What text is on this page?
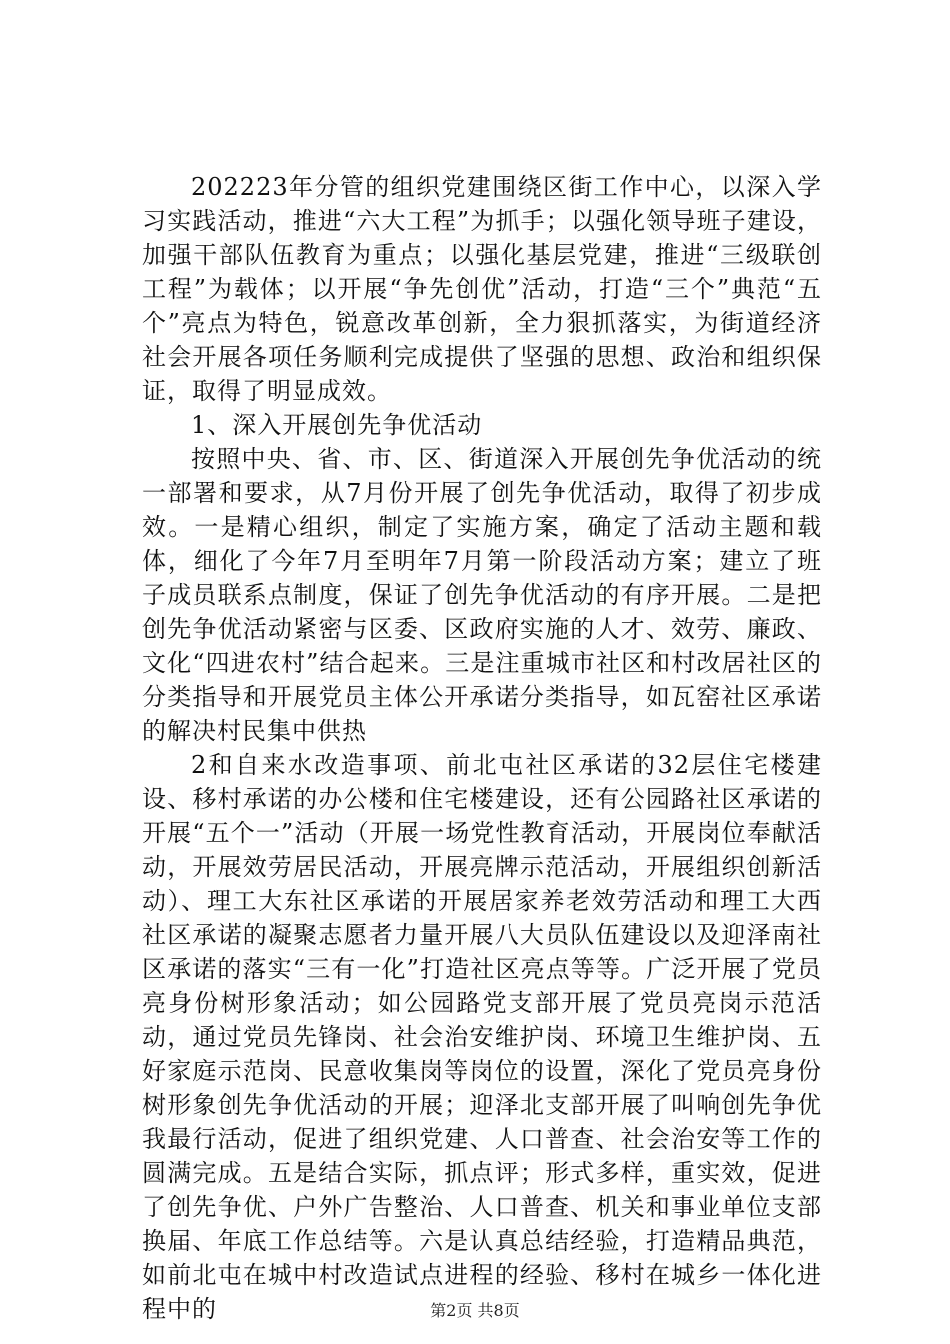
202223年分管的组织党建围绕区街工作中心，以深入学习实践活动，推进“六大工程”为抓手；以强化领导班子建设，加强干部队伍教育为重点；以强化基层党建，推进“三级联创工程”为载体；以开展“争先创优”活动，打造“三个”典范“五个”亮点为特色，锐意改革创新，全力狠抓落实，为街道经济社会开展各项任务顺利完成提供了坚强的思想、政治和组织保证，取得了明显成效。

1、深入开展创先争优活动

按照中央、省、市、区、街道深入开展创先争优活动的统一部署和要求，从7月份开展了创先争优活动，取得了初步成效。一是精心组织，制定了实施方案，确定了活动主题和载体，细化了今年7月至明年7月第一阶段活动方案；建立了班子成员联系点制度，保证了创先争优活动的有序开展。二是把创先争优活动紧密与区委、区政府实施的人才、效劳、廉政、文化“四进农村”结合起来。三是注重城市社区和村改居社区的分类指导和开展党员主体公开承诺分类指导，如瓦窑社区承诺的解决村民集中供热

2和自来水改造事项、前北屯社区承诺的32层住宅楼建设、移村承诺的办公楼和住宅楼建设，还有公园路社区承诺的开展“五个一”活动（开展一场党性教育活动，开展岗位奉献活动，开展效劳居民活动，开展亮牌示范活动，开展组织创新活动）、理工大东社区承诺的开展居家养老效劳活动和理工大西社区承诺的凝聚志愿者力量开展八大员队伍建设以及迎泽南社区承诺的落实“三有一化”打造社区亮点等等。广泛开展了党员亮身份树形象活动；如公园路党支部开展了党员亮岗示范活动，通过党员先锋岗、社会治安维护岗、环境卫生维护岗、五好家庭示范岗、民意收集岗等岗位的设置，深化了党员亮身份树形象创先争优活动的开展；迎泽北支部开展了叫响创先争优我最行活动，促进了组织党建、人口普查、社会治安等工作的圆满完成。五是结合实际，抓点评；形式多样，重实效，促进了创先争优、户外广告整治、人口普查、机关和事业单位支部换届、年底工作总结等。六是认真总结经验，打造精品典范，如前北屯在城中村改造试点进程的经验、移村在城乡一体化进程中的	第2页 共8页
